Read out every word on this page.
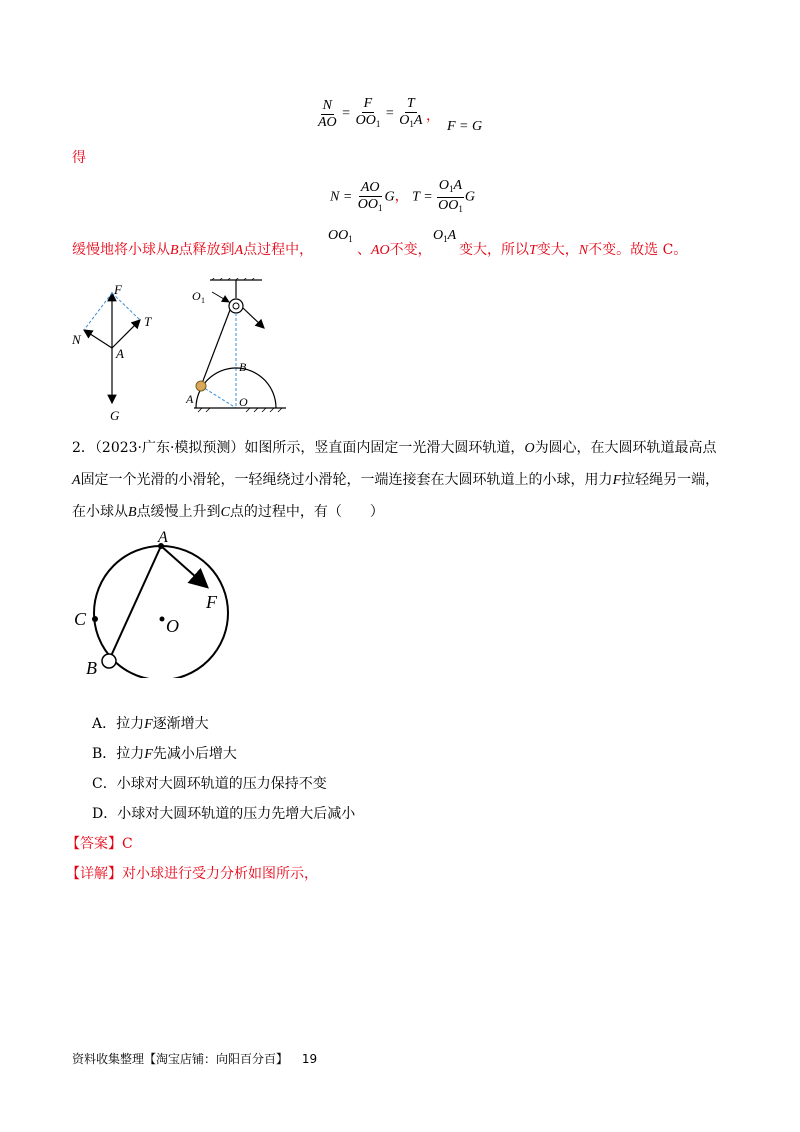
$\frac{N}{AO} = \frac{F}{OO_1} = \frac{T}{O_1A}$ ，
F = G
得
$N = \frac{AO}{OO_1}$ G， $T = \frac{O_1A}{OO_1}$ G
缓慢地将小球从B点释放到A点过程中，
$OO_1$
、AO不变，
$O_1A$
变大，所以T变大，N不变。故选 C。
F
T
N
A
G
O 1
B
A	O
2．（2023·广东·模拟预测）如图所示，竖直面内固定一光滑大圆环轨道，O为圆心，在大圆环轨道最高点
A固定一个光滑的小滑轮，一轻绳绕过小滑轮，一端连接套在大圆环轨道上的小球，用力F拉轻绳另一端，
在小球从B点缓慢上升到C点的过程中，有（　　）
A
F
C	O
B
A．拉力F逐渐增大
B．拉力F先减小后增大
C．小球对大圆环轨道的压力保持不变
D．小球对大圆环轨道的压力先增大后减小
【答案】C
【详解】对小球进行受力分析如图所示，
资料收集整理【淘宝店铺：向阳百分百】 19
